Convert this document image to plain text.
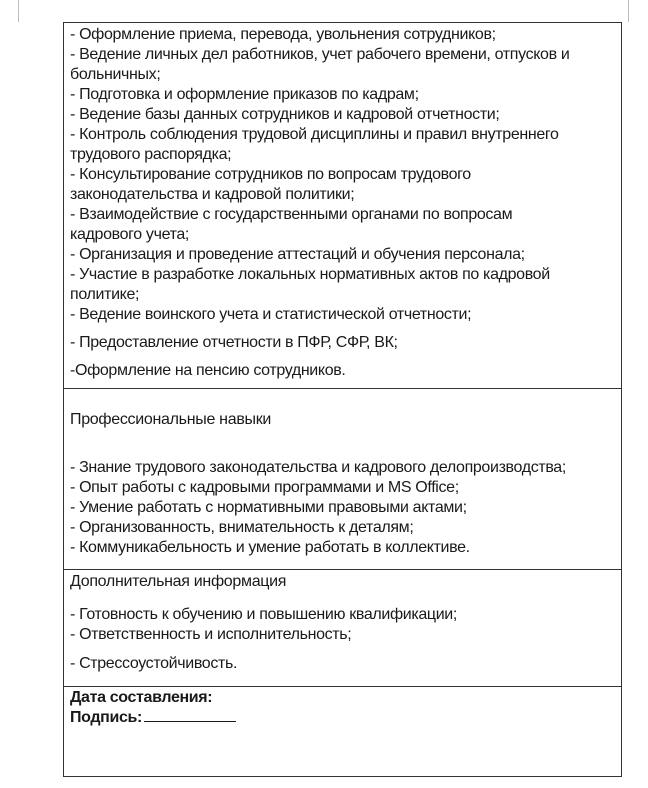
- Оформление приема, перевода, увольнения сотрудников;
- Ведение личных дел работников, учет рабочего времени, отпусков и
больничных;
- Подготовка и оформление приказов по кадрам;
- Ведение базы данных сотрудников и кадровой отчетности;
- Контроль соблюдения трудовой дисциплины и правил внутреннего
трудового распорядка;
- Консультирование сотрудников по вопросам трудового
законодательства и кадровой политики;
- Взаимодействие с государственными органами по вопросам
кадрового учета;
- Организация и проведение аттестаций и обучения персонала;
- Участие в разработке локальных нормативных актов по кадровой
политике;
- Ведение воинского учета и статистической отчетности;
- Предоставление отчетности в ПФР, СФР, ВК;
-Оформление на пенсию сотрудников.
Профессиональные навыки
- Знание трудового законодательства и кадрового делопроизводства;
- Опыт работы с кадровыми программами и MS Office;
- Умение работать с нормативными правовыми актами;
- Организованность, внимательность к деталям;
- Коммуникабельность и умение работать в коллективе.
Дополнительная информация
- Готовность к обучению и повышению квалификации;
- Ответственность и исполнительность;
- Стрессоустойчивость.
Дата составления:
Подпись:
